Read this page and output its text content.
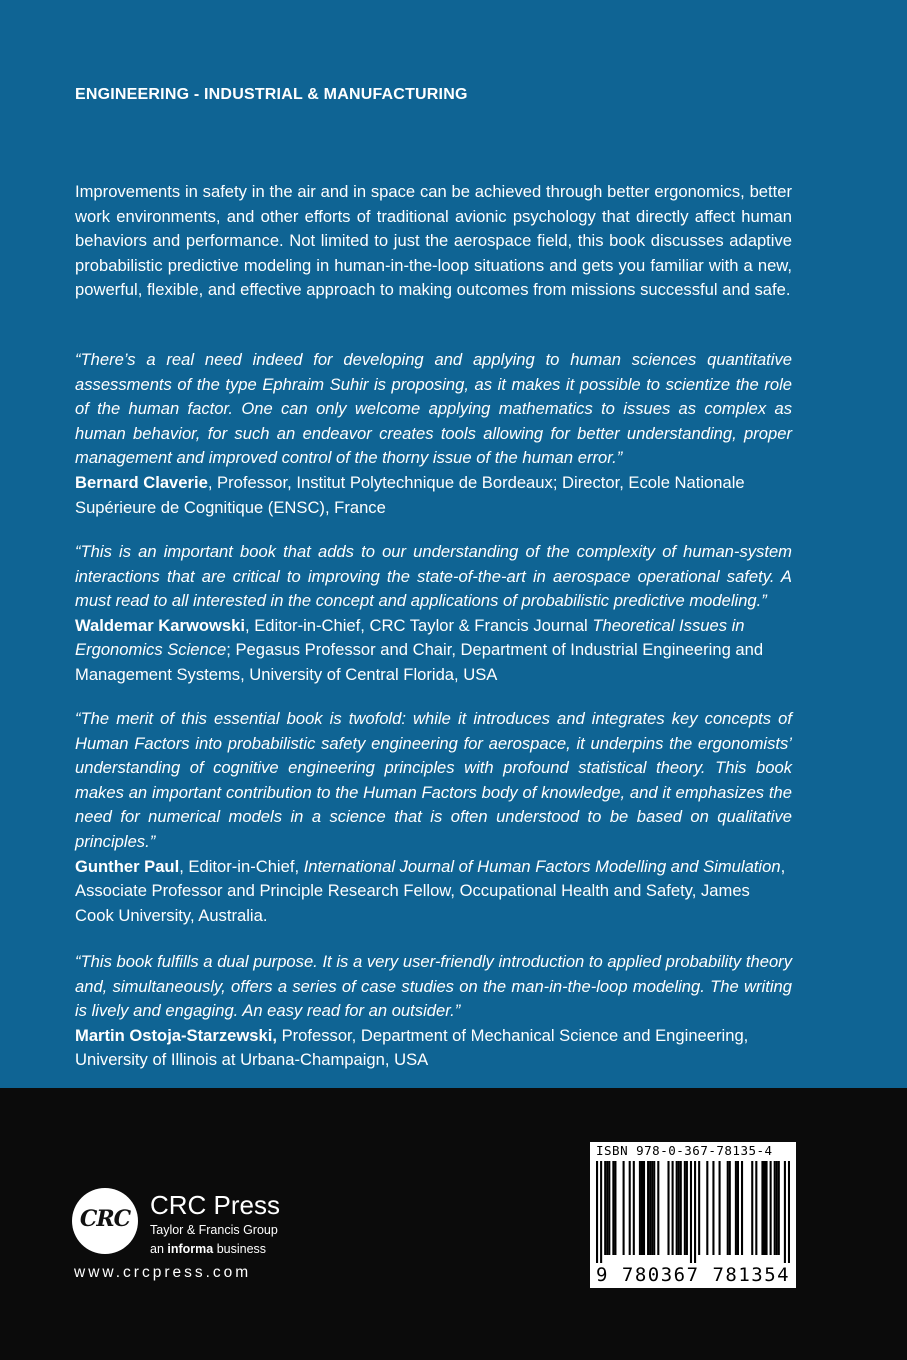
ENGINEERING - INDUSTRIAL & MANUFACTURING
Improvements in safety in the air and in space can be achieved through better ergonomics, better work environments, and other efforts of traditional avionic psychology that directly affect human behaviors and performance. Not limited to just the aerospace field, this book discusses adaptive probabilistic predictive modeling in human-in-the-loop situations and gets you familiar with a new, powerful, flexible, and effective approach to making outcomes from missions successful and safe.
“There’s a real need indeed for developing and applying to human sciences quantitative assessments of the type Ephraim Suhir is proposing, as it makes it possible to scientize the role of the human factor. One can only welcome applying mathematics to issues as complex as human behavior, for such an endeavor creates tools allowing for better understanding, proper management and improved control of the thorny issue of the human error.”
Bernard Claverie, Professor, Institut Polytechnique de Bordeaux; Director, Ecole Nationale Supérieure de Cognitique (ENSC), France
“This is an important book that adds to our understanding of the complexity of human-system interactions that are critical to improving the state-of-the-art in aerospace operational safety. A must read to all interested in the concept and applications of probabilistic predictive modeling.”
Waldemar Karwowski, Editor-in-Chief, CRC Taylor & Francis Journal Theoretical Issues in Ergonomics Science; Pegasus Professor and Chair, Department of Industrial Engineering and Management Systems, University of Central Florida, USA
“The merit of this essential book is twofold: while it introduces and integrates key concepts of Human Factors into probabilistic safety engineering for aerospace, it underpins the ergonomists’ understanding of cognitive engineering principles with profound statistical theory. This book makes an important contribution to the Human Factors body of knowledge, and it emphasizes the need for numerical models in a science that is often understood to be based on qualitative principles.”
Gunther Paul, Editor-in-Chief, International Journal of Human Factors Modelling and Simulation, Associate Professor and Principle Research Fellow, Occupational Health and Safety, James Cook University, Australia.
“This book fulfills a dual purpose. It is a very user-friendly introduction to applied probability theory and, simultaneously, offers a series of case studies on the man-in-the-loop modeling. The writing is lively and engaging. An easy read for an outsider.”
Martin Ostoja-Starzewski, Professor, Department of Mechanical Science and Engineering, University of Illinois at Urbana-Champaign, USA
CRC CRC Press
Taylor & Francis Group
an informa business
www.crcpress.com
ISBN 978-0-367-78135-4
9 780367 781354
